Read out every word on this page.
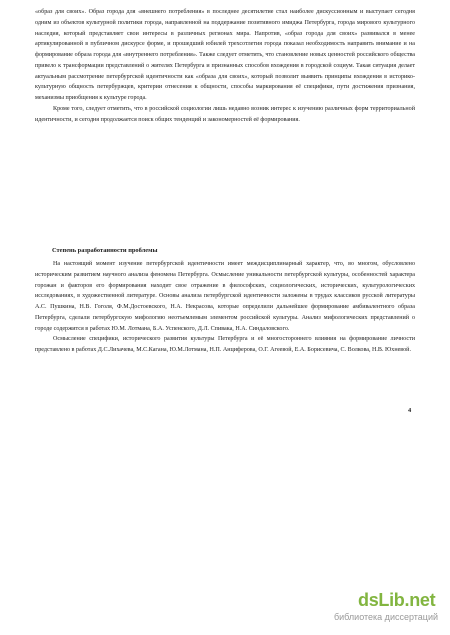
«образ для своих». Образ города для «внешнего потребления» в последнее десятилетие стал наиболее дискуссионным и выступает сегодня одним из объектов культурной политики города, направленной на поддержание позитивного имиджа Петербурга, города мирового культурного наследия, который представляет свои интересы в различных регионах мира. Напротив, «образ города для своих» развивался в менее артикулированной в публичном дискурсе форме, и прошедший юбилей трехсотлетия города показал необходимость направить внимание и на формирование образа города для «внутреннего потребления». Также следует отметить, что становление новых ценностей российского общества привело к трансформации представлений о жителях Петербурга и признанных способов вхождения в городской социум. Такая ситуация делает актуальным рассмотрение петербургской идентичности как «образа для своих», который позволит выявить принципы вхождения в историко-культурную общность петербуржцев, критерии отнесения к общности, способы маркирования её специфики, пути достижения признания, механизмы приобщения к культуре города.

Кроме того, следует отметить, что в российской социологии лишь недавно возник интерес к изучению различных форм территориальной идентичности, и сегодня продолжается поиск общих тенденций и закономерностей её формирования.

Степень разработанности проблемы

На настоящий момент изучение петербургской идентичности имеет междисциплинарный характер, что, во многом, обусловлено историческим развитием научного анализа феномена Петербурга. Осмысление уникальности петербургской культуры, особенностей характера горожан и факторов его формирования находит свое отражение в философских, социологических, исторических, культурологических исследованиях, в художественной литературе. Основы анализа петербургской идентичности заложены в трудах классиков русской литературы А.С. Пушкина, Н.В. Гоголя, Ф.М.Достоевского, Н.А. Некрасова, которые определили дальнейшее формирование амбивалентного образа Петербурга, сделали петербургскую мифологию неотъемлемым элементом российской культуры. Анализ мифологических представлений о городе содержится в работах Ю.М. Лотмана, Б.А. Успенского, Д.Л. Спивака, Н.А. Синдаловского.

Осмысление специфики, исторического развития культуры Петербурга и её многостороннего влияния на формирование личности представлено в работах Д.С.Лихачева, М.С.Кагана, Ю.М.Лотмана, Н.П. Анциферова, О.Г. Агеевой, Е.А. Борисевича, С. Волкова, Н.В. Юхневой.

4
dsLib.net
библиотека диссертаций
